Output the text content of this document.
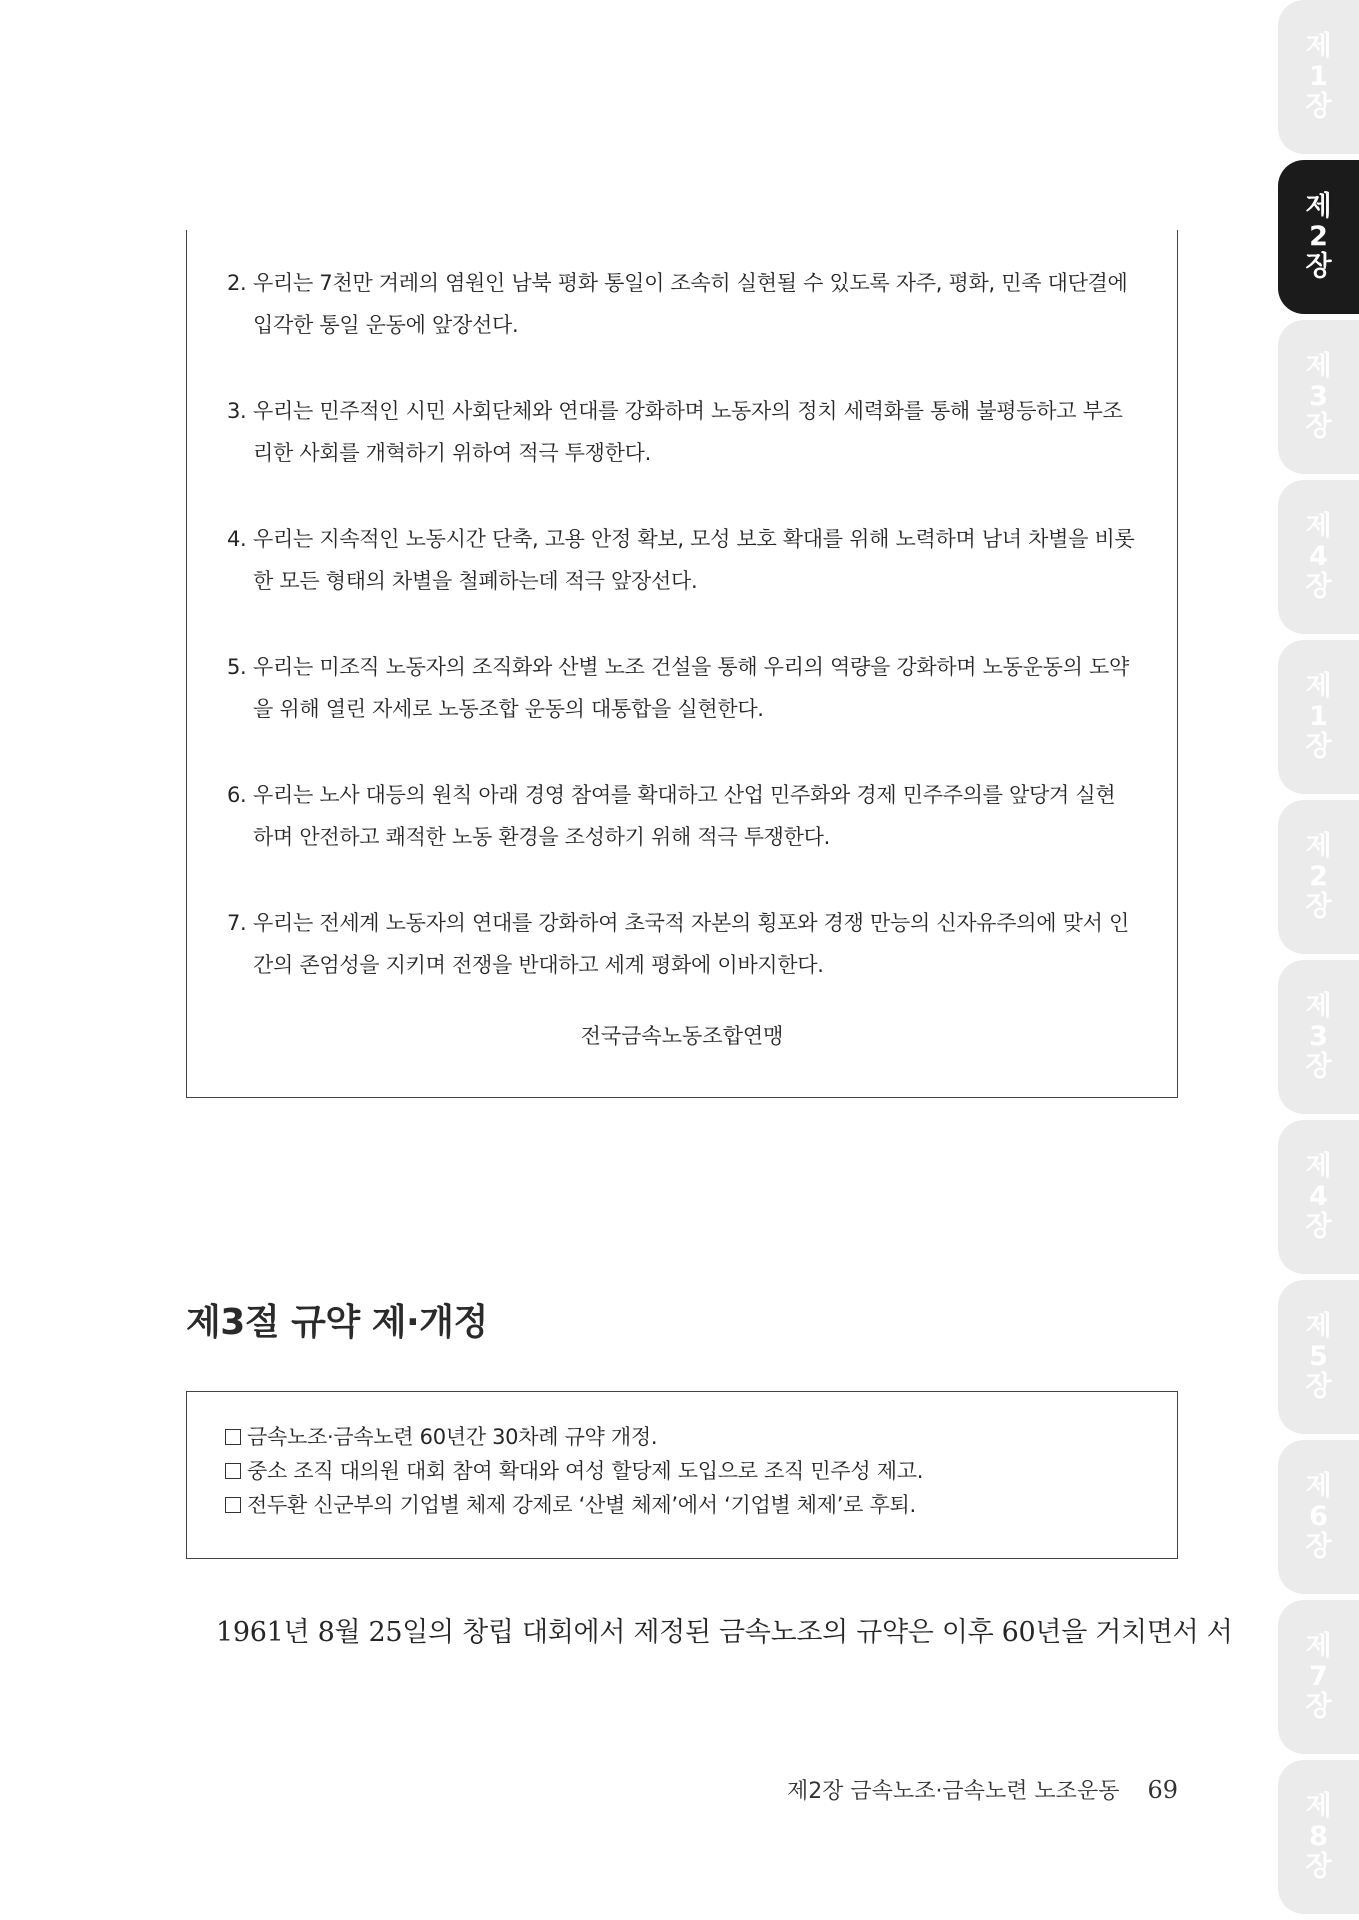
2. 우리는 7천만 겨레의 염원인 남북 평화 통일이 조속히 실현될 수 있도록 자주, 평화, 민족 대단결에 입각한 통일 운동에 앞장선다.
3. 우리는 민주적인 시민 사회단체와 연대를 강화하며 노동자의 정치 세력화를 통해 불평등하고 부조리한 사회를 개혁하기 위하여 적극 투쟁한다.
4. 우리는 지속적인 노동시간 단축, 고용 안정 확보, 모성 보호 확대를 위해 노력하며 남녀 차별을 비롯한 모든 형태의 차별을 철폐하는데 적극 앞장선다.
5. 우리는 미조직 노동자의 조직화와 산별 노조 건설을 통해 우리의 역량을 강화하며 노동운동의 도약을 위해 열린 자세로 노동조합 운동의 대통합을 실현한다.
6. 우리는 노사 대등의 원칙 아래 경영 참여를 확대하고 산업 민주화와 경제 민주주의를 앞당겨 실현하며 안전하고 쾌적한 노동 환경을 조성하기 위해 적극 투쟁한다.
7. 우리는 전세계 노동자의 연대를 강화하여 초국적 자본의 횡포와 경쟁 만능의 신자유주의에 맞서 인간의 존엄성을 지키며 전쟁을 반대하고 세계 평화에 이바지한다.
전국금속노동조합연맹
제3절 규약 제·개정
금속노조·금속노련 60년간 30차례 규약 개정.
중소 조직 대의원 대회 참여 확대와 여성 할당제 도입으로 조직 민주성 제고.
전두환 신군부의 기업별 체제 강제로 ‘산별 체제’에서 ‘기업별 체제’로 후퇴.
1961년 8월 25일의 창립 대회에서 제정된 금속노조의 규약은 이후 60년을 거치면서 서
제2장 금속노조·금속노련 노조운동 69
제
1
장
제
2
장
제
3
장
제
4
장
제
1
장
제
2
장
제
3
장
제
4
장
제
5
장
제
6
장
제
7
장
제
8
장
